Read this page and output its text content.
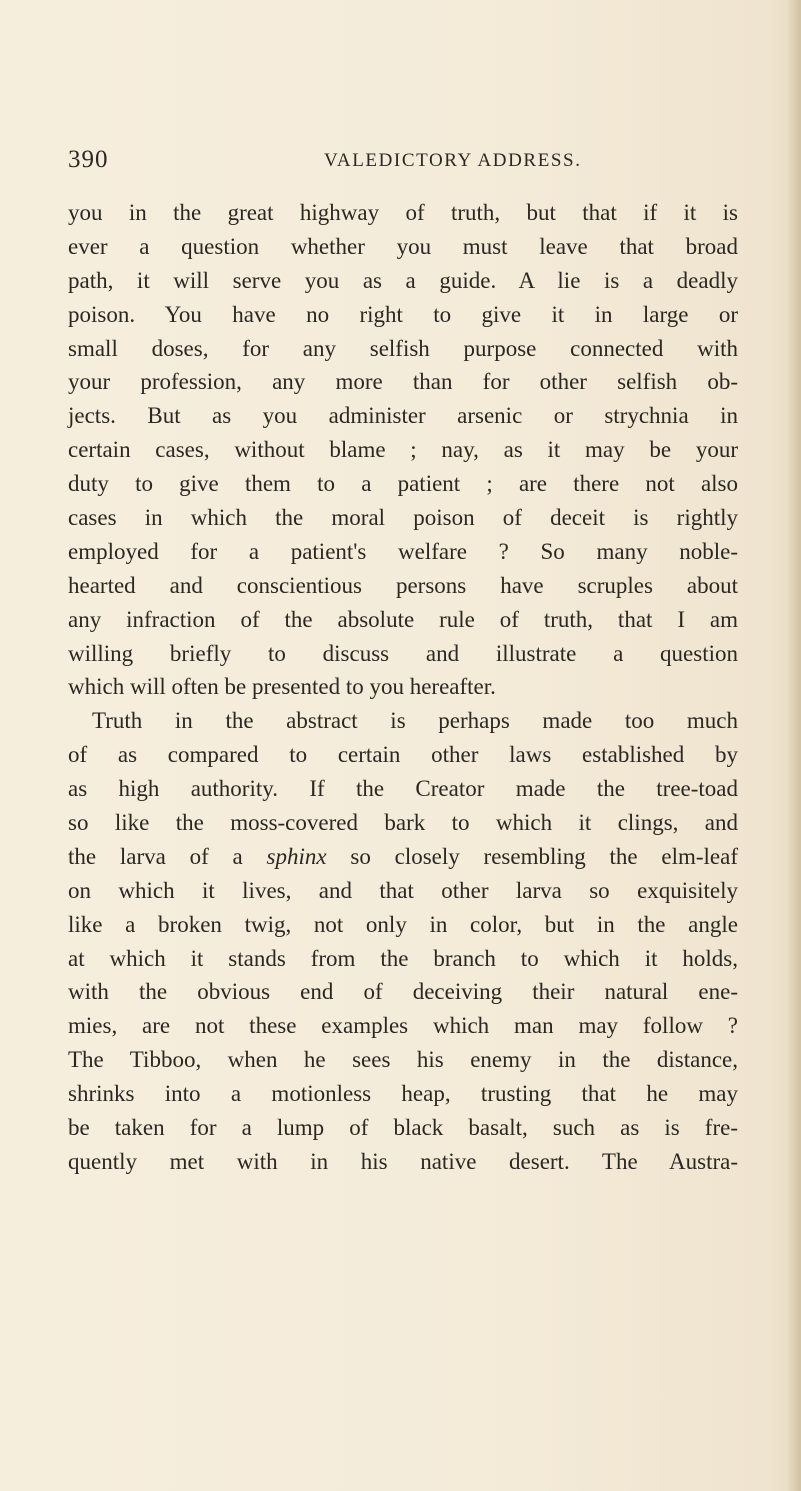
390	VALEDICTORY ADDRESS.
you in the great highway of truth, but that if it is
ever a question whether you must leave that broad
path, it will serve you as a guide. A lie is a deadly
poison. You have no right to give it in large or
small doses, for any selfish purpose connected with
your profession, any more than for other selfish ob-
jects. But as you administer arsenic or strychnia in
certain cases, without blame ; nay, as it may be your
duty to give them to a patient ; are there not also
cases in which the moral poison of deceit is rightly
employed for a patient's welfare ? So many noble-
hearted and conscientious persons have scruples about
any infraction of the absolute rule of truth, that I am
willing briefly to discuss and illustrate a question
which will often be presented to you hereafter.
Truth in the abstract is perhaps made too much
of as compared to certain other laws established by
as high authority. If the Creator made the tree-toad
so like the moss-covered bark to which it clings, and
the larva of a sphinx so closely resembling the elm-leaf
on which it lives, and that other larva so exquisitely
like a broken twig, not only in color, but in the angle
at which it stands from the branch to which it holds,
with the obvious end of deceiving their natural ene-
mies, are not these examples which man may follow ?
The Tibboo, when he sees his enemy in the distance,
shrinks into a motionless heap, trusting that he may
be taken for a lump of black basalt, such as is fre-
quently met with in his native desert. The Austra-
